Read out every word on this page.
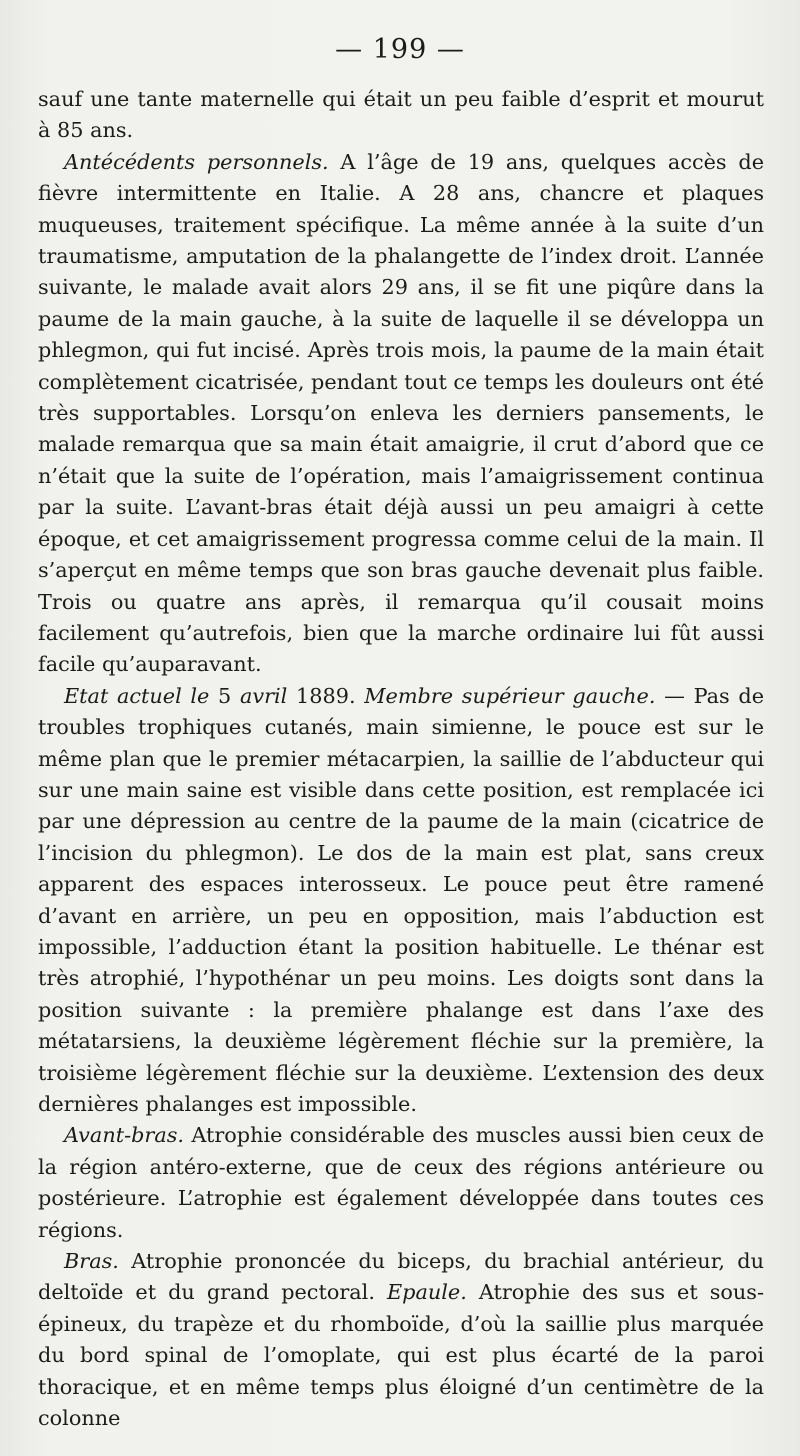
— 199 —

sauf une tante maternelle qui était un peu faible d’esprit et mourut à 85 ans.

Antécédents personnels. A l’âge de 19 ans, quelques accès de fièvre intermittente en Italie. A 28 ans, chancre et plaques muqueuses, traitement spécifique. La même année à la suite d’un traumatisme, amputation de la phalangette de l’index droit. L’année suivante, le malade avait alors 29 ans, il se fit une piqûre dans la paume de la main gauche, à la suite de laquelle il se développa un phlegmon, qui fut incisé. Après trois mois, la paume de la main était complètement cicatrisée, pendant tout ce temps les douleurs ont été très supportables. Lorsqu’on enleva les derniers pansements, le malade remarqua que sa main était amaigrie, il crut d’abord que ce n’était que la suite de l’opération, mais l’amaigrissement continua par la suite. L’avant-bras était déjà aussi un peu amaigri à cette époque, et cet amaigrissement progressa comme celui de la main. Il s’aperçut en même temps que son bras gauche devenait plus faible. Trois ou quatre ans après, il remarqua qu’il cousait moins facilement qu’autrefois, bien que la marche ordinaire lui fût aussi facile qu’auparavant.

Etat actuel le 5 avril 1889. Membre supérieur gauche. — Pas de troubles trophiques cutanés, main simienne, le pouce est sur le même plan que le premier métacarpien, la saillie de l’abducteur qui sur une main saine est visible dans cette position, est remplacée ici par une dépression au centre de la paume de la main (cicatrice de l’incision du phlegmon). Le dos de la main est plat, sans creux apparent des espaces interosseux. Le pouce peut être ramené d’avant en arrière, un peu en opposition, mais l’abduction est impossible, l’adduction étant la position habituelle. Le thénar est très atrophié, l’hypothénar un peu moins. Les doigts sont dans la position suivante : la première phalange est dans l’axe des métatarsiens, la deuxième légèrement fléchie sur la première, la troisième légèrement fléchie sur la deuxième. L’extension des deux dernières phalanges est impossible.

Avant-bras. Atrophie considérable des muscles aussi bien ceux de la région antéro-externe, que de ceux des régions antérieure ou postérieure. L’atrophie est également développée dans toutes ces régions.

Bras. Atrophie prononcée du biceps, du brachial antérieur, du deltoïde et du grand pectoral. Epaule. Atrophie des sus et sous-épineux, du trapèze et du rhomboïde, d’où la saillie plus marquée du bord spinal de l’omoplate, qui est plus écarté de la paroi thoracique, et en même temps plus éloigné d’un centimètre de la colonne
